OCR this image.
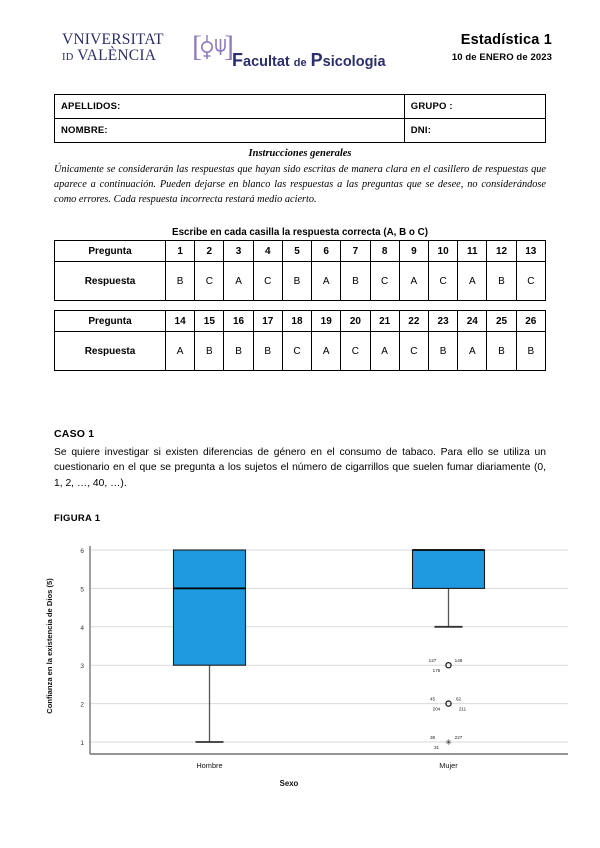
VNIVERSITAT
ID VALÈNCIA	[ ] Facultat de Psicologia
Estadística 1
10 de ENERO de 2023
APELLIDOS:	GRUPO :
NOMBRE:	DNI:
Instrucciones generales
Únicamente se considerarán las respuestas que hayan sido escritas de manera clara en el casillero de respuestas que aparece a continuación. Pueden dejarse en blanco las respuestas a las preguntas que se desee, no considerándose como errores. Cada respuesta incorrecta restará medio acierto.
Escribe en cada casilla la respuesta correcta (A, B o C)
Pregunta	1	2	3	4	5	6	7	8	9	10	11	12	13
Respuesta	B	C	A	C	B	A	B	C	A	C	A	B	C

Pregunta	14	15	16	17	18	19	20	21	22	23	24	25	26
Respuesta	A	B	B	B	C	A	C	A	C	B	A	B	B
CASO 1
Se quiere investigar si existen diferencias de género en el consumo de tabaco. Para ello se utiliza un cuestionario en el que se pregunta a los sujetos el número de cigarrillos que suelen fumar diariamente (0, 1, 2, …, 40, …).
FIGURA 1
1
2
3
4
5
6
Confianza en la existencia de Dios (5)
Hombre
127	148
175
45	62
204	211
✳
38	227
31
Mujer
Sexo
